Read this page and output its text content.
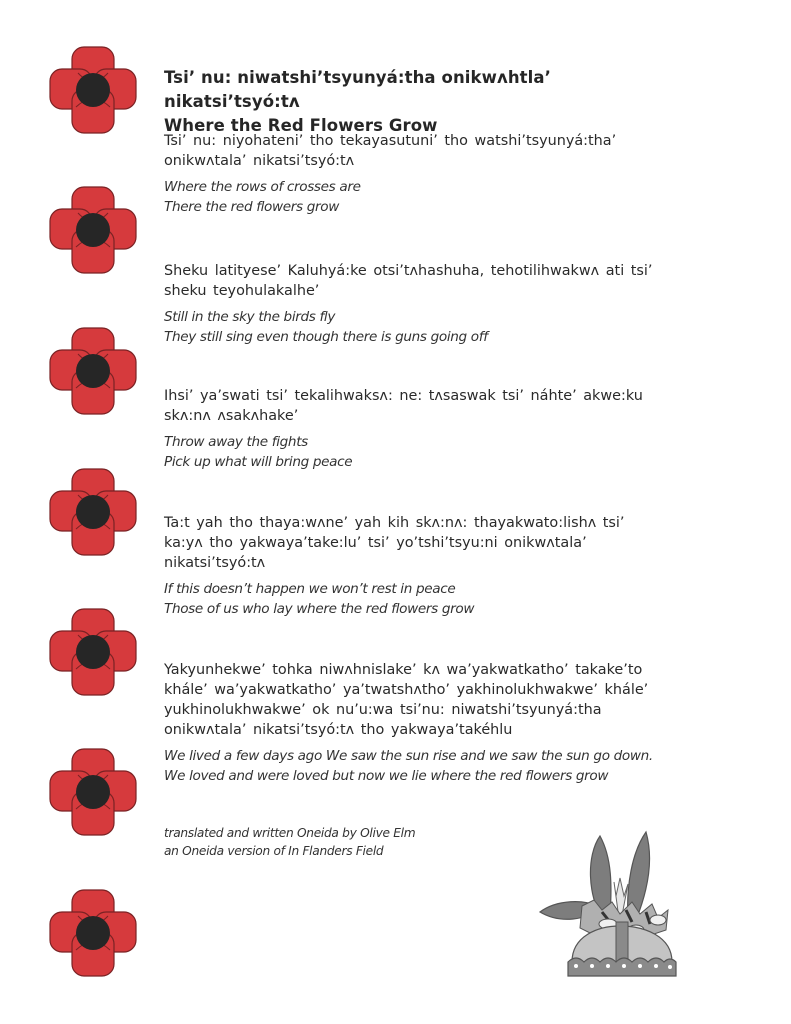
Tsi’ nu: niwatshi’tsyunyá:tha onikwʌhtla’ nikatsi’tsyó:tʌ

Where the Red Flowers Grow

Tsi’ nu: niyohateni’ tho tekayasutuni’ tho watshi’tsyunyá:tha’
onikwʌtala’ nikatsi’tsyó:tʌ

Where the rows of crosses are
There the red flowers grow

Sheku latityese’ Kaluhyá:ke otsi’tʌhashuha, tehotilihwakwʌ ati tsi’
sheku teyohulakalhe’

Still in the sky the birds fly
They still sing even though there is guns going off

Ihsi’ ya’swati tsi’ tekalihwaksʌ: ne: tʌsaswak tsi’ náhte’ akwe:ku
skʌ:nʌ ʌsakʌhake’

Throw away the fights
Pick up what will bring peace

Ta:t yah tho thaya:wʌne’ yah kih skʌ:nʌ: thayakwato:lishʌ tsi’
ka:yʌ tho yakwaya’take:lu’ tsi’ yo’tshi’tsyu:ni onikwʌtala’
nikatsi’tsyó:tʌ

If this doesn’t happen we won’t rest in peace
Those of us who lay where the red flowers grow

Yakyunhekwe’ tohka niwʌhnislake’ kʌ wa’yakwatkatho’ takake’to
khále’ wa’yakwatkatho’ ya’twatshʌtho’ yakhinolukhwakwe’ khále’
yukhinolukhwakwe’ ok nu’u:wa tsi’nu: niwatshi’tsyunyá:tha
onikwʌtala’ nikatsi’tsyó:tʌ tho yakwaya’takéhlu

We lived a few days ago We saw the sun rise and we saw the sun go down.
We loved and were loved but now we lie where the red flowers grow

translated and written Oneida by Olive Elm
an Oneida version of In Flanders Field
